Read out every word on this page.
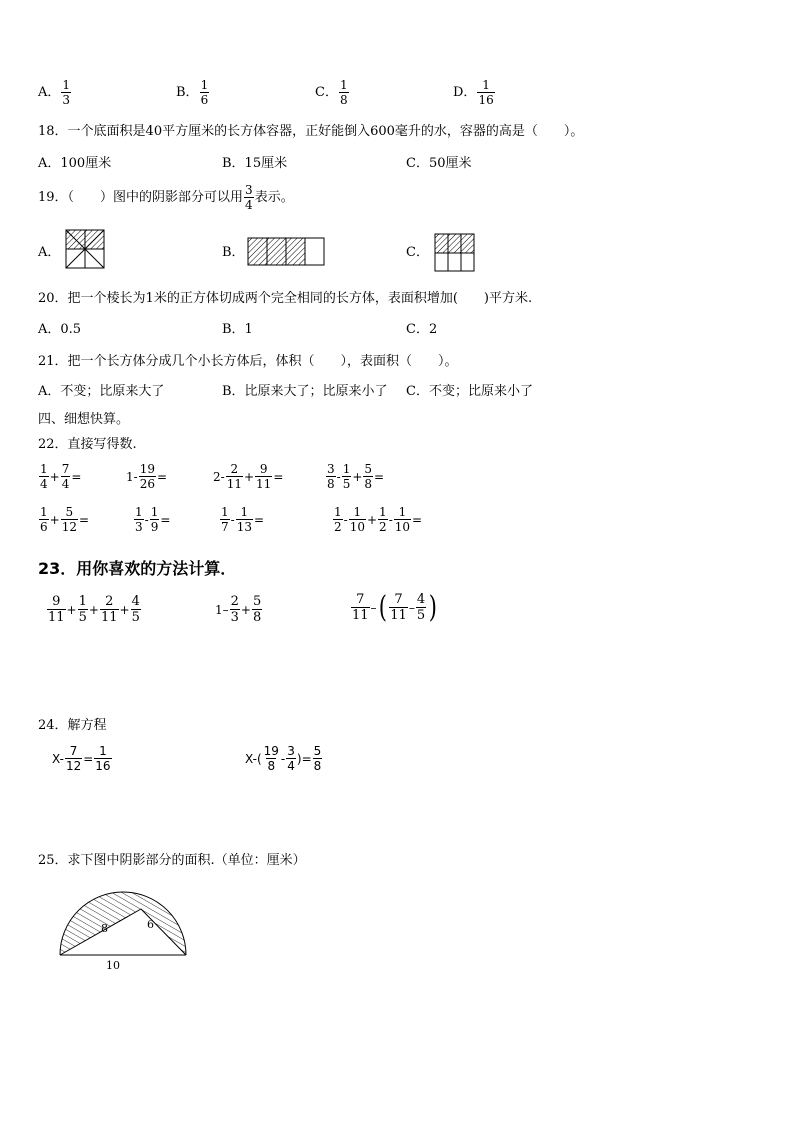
A． $\frac{1}{3}$	B． $\frac{1}{6}$	C． $\frac{1}{8}$	D． $\frac{1}{16}$
18．一个底面积是40平方厘米的长方体容器，正好能倒入600毫升的水，容器的高是（　　）。
A．100厘米	B．15厘米	C．50厘米
19．（　　）图中的阴影部分可以用 $\frac{3}{4}$ 表示。
A．	B．	C．
20．把一个棱长为1米的正方体切成两个完全相同的长方体，表面积增加(　　)平方米.
A．0.5	B．1	C．2
21．把一个长方体分成几个小长方体后，体积（　　），表面积（　　）。
A．不变；比原来大了	B．比原来大了；比原来小了 C．不变；比原来小了
四、细想快算。
22．直接写得数.
$\frac{1}{4} + \frac{7}{4}$ =	$1- \frac{19}{26}$ =	$2- \frac{2}{11} + \frac{9}{11}$ =	$\frac{3}{8} - \frac{1}{5} + \frac{5}{8}$ =
$\frac{1}{6} + \frac{5}{12}$ =	$\frac{1}{3} - \frac{1}{9}$ =	$\frac{1}{7} - \frac{1}{13}$ =	$\frac{1}{2} - \frac{1}{10} + \frac{1}{2} - \frac{1}{10}$ =
23．用你喜欢的方法计算．
$\frac{9}{11} + \frac{1}{5} + \frac{2}{11} + \frac{4}{5}$	$1 - \frac{2}{3} + \frac{5}{8}$	$\frac{7}{11}$ – ( $\frac{7}{11} - \frac{4}{5}$ )
24．解方程
$X- \frac{7}{12} = \frac{1}{16}$	$X-( \frac{19}{8} - \frac{3}{4}$ )= $\frac{5}{8}$
25．求下图中阴影部分的面积.（单位：厘米）
8	6
10
